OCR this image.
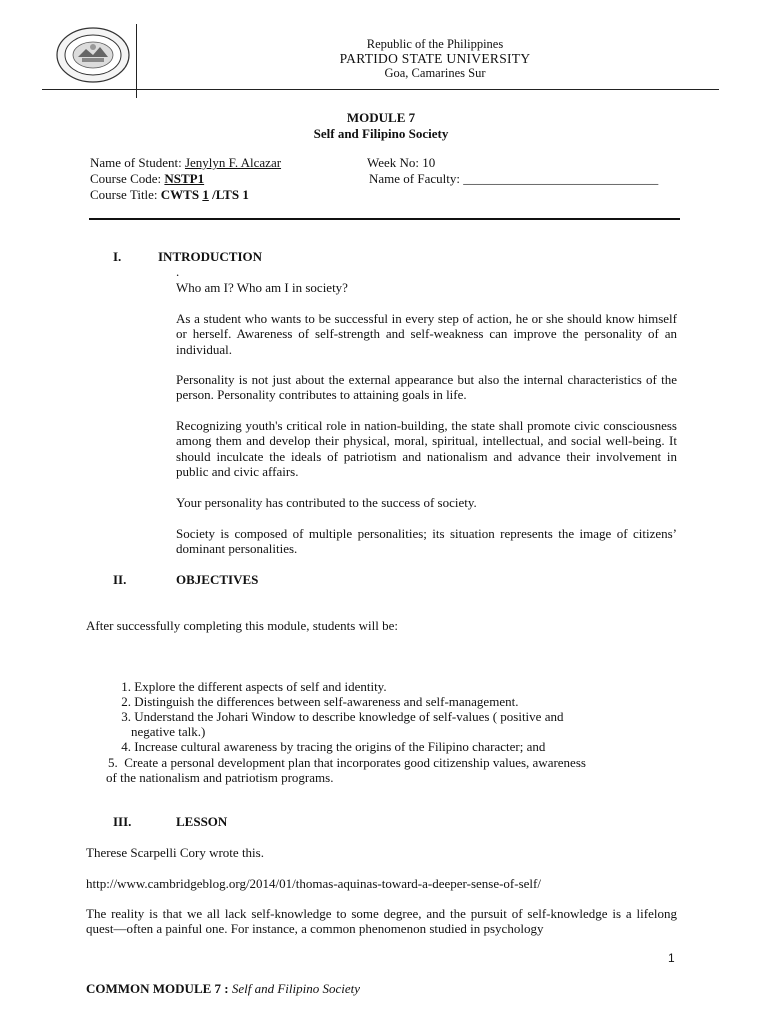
Republic of the Philippines
PARTIDO STATE UNIVERSITY
Goa, Camarines Sur
MODULE 7
Self and Filipino Society
Name of Student: Jenylyn F. Alcazar	Week No: 10
Course Code: NSTP1	Name of Faculty: ______________________________
Course Title: CWTS 1 /LTS 1
I.	INTRODUCTION
.
Who am I? Who am I in society?
As a student who wants to be successful in every step of action, he or she should know himself or herself. Awareness of self-strength and self-weakness can improve the personality of an individual.
Personality is not just about the external appearance but also the internal characteristics of the person. Personality contributes to attaining goals in life.
Recognizing youth's critical role in nation-building, the state shall promote civic consciousness among them and develop their physical, moral, spiritual, intellectual, and social well-being. It should inculcate the ideals of patriotism and nationalism and advance their involvement in public and civic affairs.
Your personality has contributed to the success of society.
Society is composed of multiple personalities; its situation represents the image of citizens’ dominant personalities.
II.	OBJECTIVES
After successfully completing this module, students will be:
1. Explore the different aspects of self and identity.
2. Distinguish the differences between self-awareness and self-management.
3. Understand the Johari Window to describe knowledge of self-values ( positive and
negative talk.)
4. Increase cultural awareness by tracing the origins of the Filipino character; and
5. Create a personal development plan that incorporates good citizenship values, awareness
of the nationalism and patriotism programs.
III.	LESSON
Therese Scarpelli Cory wrote this.
http://www.cambridgeblog.org/2014/01/thomas-aquinas-toward-a-deeper-sense-of-self/
The reality is that we all lack self-knowledge to some degree, and the pursuit of self-knowledge is a lifelong quest—often a painful one. For instance, a common phenomenon studied in psychology
1
COMMON MODULE 7 : Self and Filipino Society
